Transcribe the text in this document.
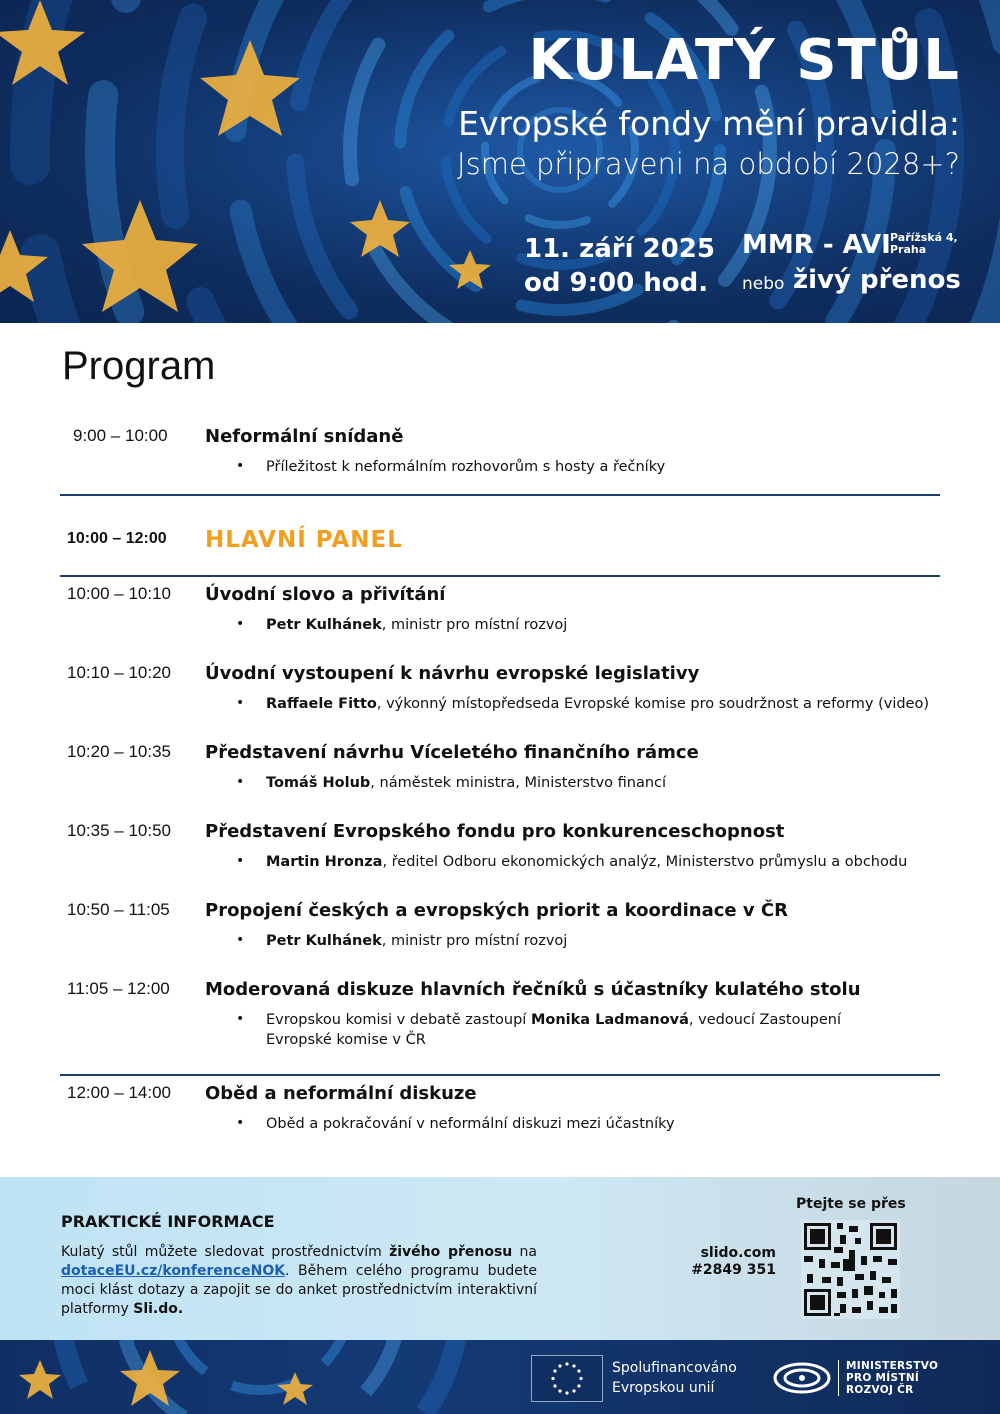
KULATÝ STŮL
Evropské fondy mění pravidla:
Jsme připraveni na období 2028+?
11. září 2025
od 9:00 hod.
MMR - AVI Pařížská 4,
Praha
nebo živý přenos
Program
9:00 – 10:00 Neformální snídaně
• Příležitost k neformálním rozhovorům s hosty a řečníky
10:00 – 12:00 HLAVNÍ PANEL
10:00 – 10:10 Úvodní slovo a přivítání
• Petr Kulhánek, ministr pro místní rozvoj
10:10 – 10:20 Úvodní vystoupení k návrhu evropské legislativy
• Raffaele Fitto, výkonný místopředseda Evropské komise pro soudržnost a reformy (video)
10:20 – 10:35 Představení návrhu Víceletého finančního rámce
• Tomáš Holub, náměstek ministra, Ministerstvo financí
10:35 – 10:50 Představení Evropského fondu pro konkurenceschopnost
• Martin Hronza, ředitel Odboru ekonomických analýz, Ministerstvo průmyslu a obchodu
10:50 – 11:05 Propojení českých a evropských priorit a koordinace v ČR
• Petr Kulhánek, ministr pro místní rozvoj
11:05 – 12:00 Moderovaná diskuze hlavních řečníků s účastníky kulatého stolu
• Evropskou komisi v debatě zastoupí Monika Ladmanová, vedoucí Zastoupení Evropské komise v ČR
12:00 – 14:00 Oběd a neformální diskuze
• Oběd a pokračování v neformální diskuzi mezi účastníky
PRAKTICKÉ INFORMACE
Kulatý stůl můžete sledovat prostřednictvím živého přenosu na dotaceEU.cz/konferenceNOK. Během celého programu budete moci klást dotazy a zapojit se do anket prostřednictvím interaktivní platformy Sli.do.
Ptejte se přes
slido.com
#2849 351
Spolufinancováno
Evropskou unií
MINISTERSTVO
PRO MÍSTNÍ
ROZVOJ ČR
